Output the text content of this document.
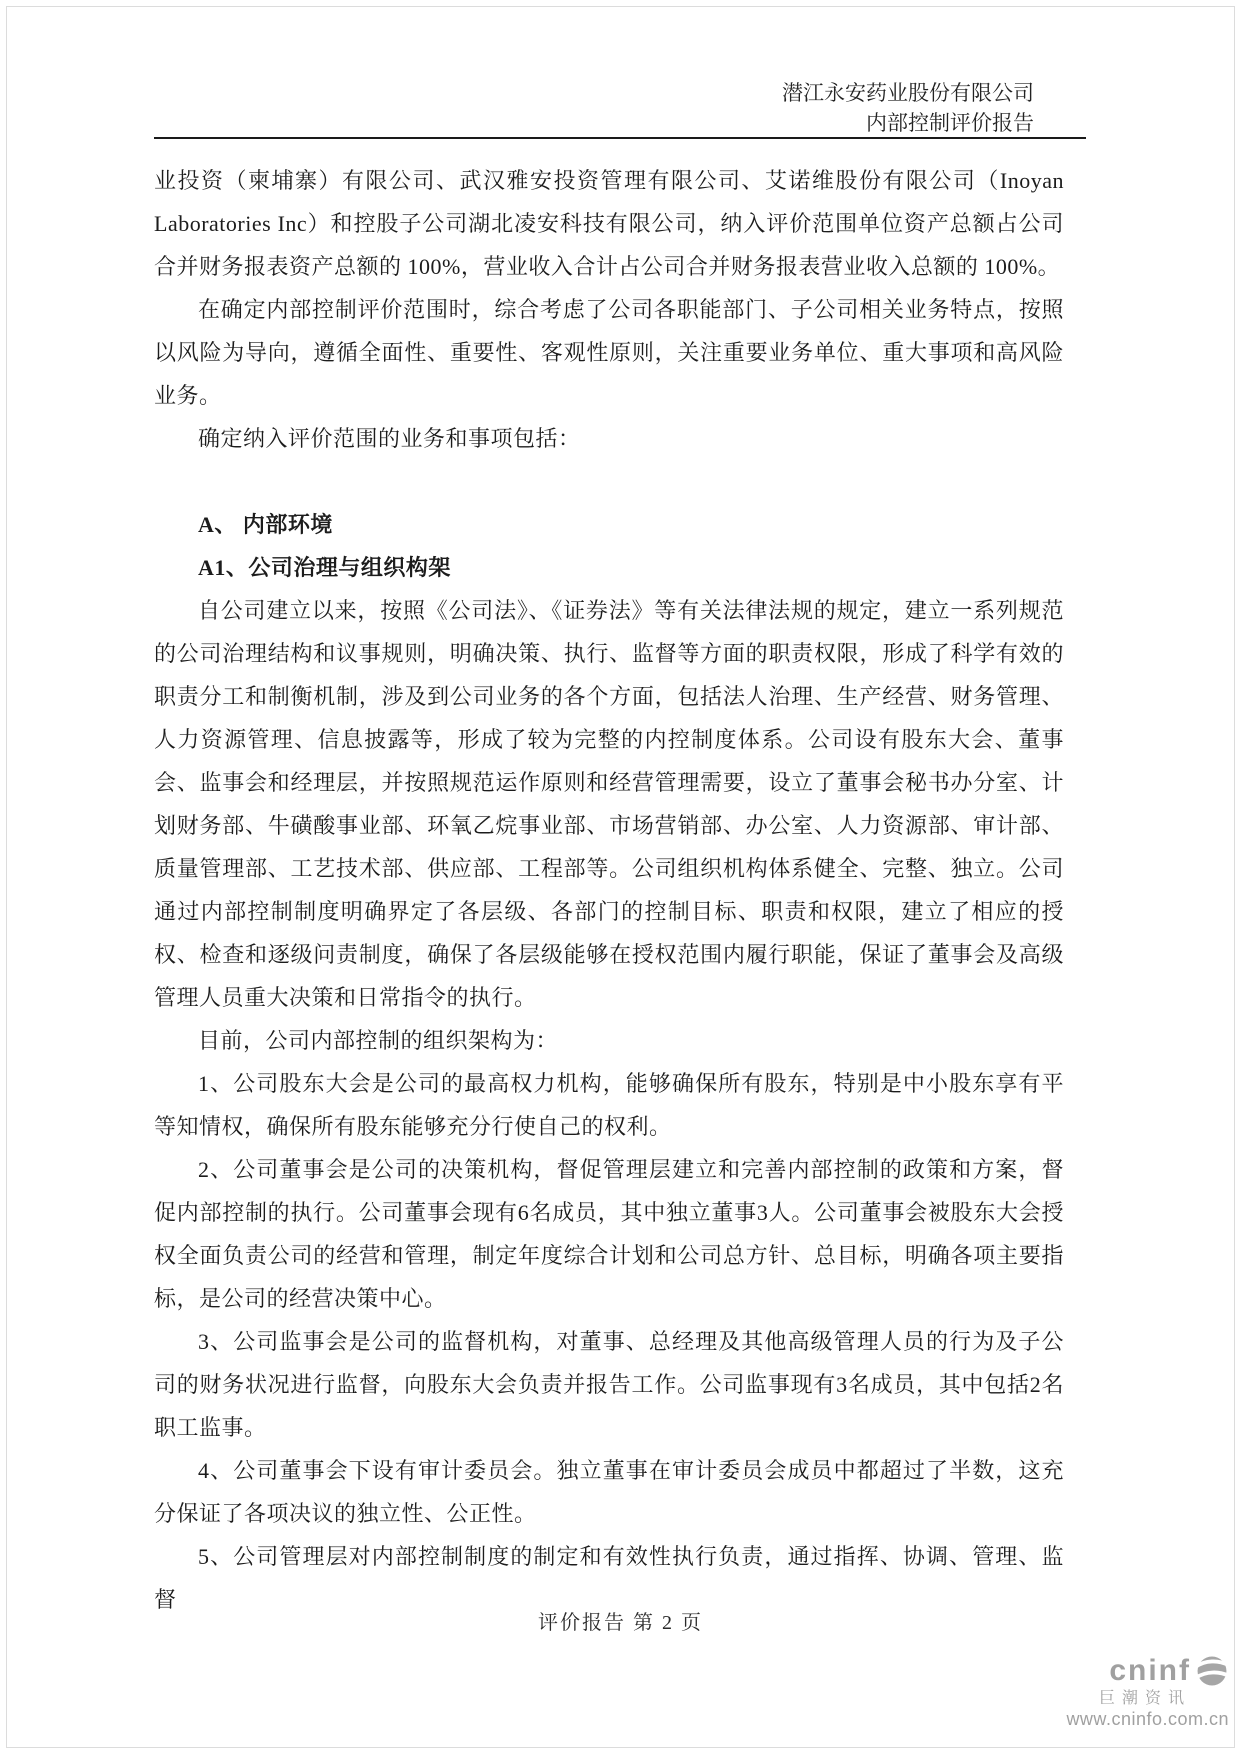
潜江永安药业股份有限公司
内部控制评价报告

业投资（柬埔寨）有限公司、武汉雅安投资管理有限公司、艾诺维股份有限公司（Inoyan Laboratories Inc）和控股子公司湖北凌安科技有限公司，纳入评价范围单位资产总额占公司合并财务报表资产总额的 100%，营业收入合计占公司合并财务报表营业收入总额的 100%。

在确定内部控制评价范围时，综合考虑了公司各职能部门、子公司相关业务特点，按照以风险为导向，遵循全面性、重要性、客观性原则，关注重要业务单位、重大事项和高风险业务。

确定纳入评价范围的业务和事项包括：

A、 内部环境
A1、公司治理与组织构架

自公司建立以来，按照《公司法》、《证券法》等有关法律法规的规定，建立一系列规范的公司治理结构和议事规则，明确决策、执行、监督等方面的职责权限，形成了科学有效的职责分工和制衡机制，涉及到公司业务的各个方面，包括法人治理、生产经营、财务管理、人力资源管理、信息披露等，形成了较为完整的内控制度体系。公司设有股东大会、董事会、监事会和经理层，并按照规范运作原则和经营管理需要，设立了董事会秘书办分室、计划财务部、牛磺酸事业部、环氧乙烷事业部、市场营销部、办公室、人力资源部、审计部、质量管理部、工艺技术部、供应部、工程部等。公司组织机构体系健全、完整、独立。公司通过内部控制制度明确界定了各层级、各部门的控制目标、职责和权限，建立了相应的授权、检查和逐级问责制度，确保了各层级能够在授权范围内履行职能，保证了董事会及高级管理人员重大决策和日常指令的执行。

目前，公司内部控制的组织架构为：

1、公司股东大会是公司的最高权力机构，能够确保所有股东，特别是中小股东享有平等知情权，确保所有股东能够充分行使自己的权利。

2、公司董事会是公司的决策机构，督促管理层建立和完善内部控制的政策和方案，督促内部控制的执行。公司董事会现有6名成员，其中独立董事3人。公司董事会被股东大会授权全面负责公司的经营和管理，制定年度综合计划和公司总方针、总目标，明确各项主要指标，是公司的经营决策中心。

3、公司监事会是公司的监督机构，对董事、总经理及其他高级管理人员的行为及子公司的财务状况进行监督，向股东大会负责并报告工作。公司监事现有3名成员，其中包括2名职工监事。

4、公司董事会下设有审计委员会。独立董事在审计委员会成员中都超过了半数，这充分保证了各项决议的独立性、公正性。

5、公司管理层对内部控制制度的制定和有效性执行负责，通过指挥、协调、管理、监督

评价报告 第 2 页
cninf
巨潮资讯
www.cninfo.com.cn
